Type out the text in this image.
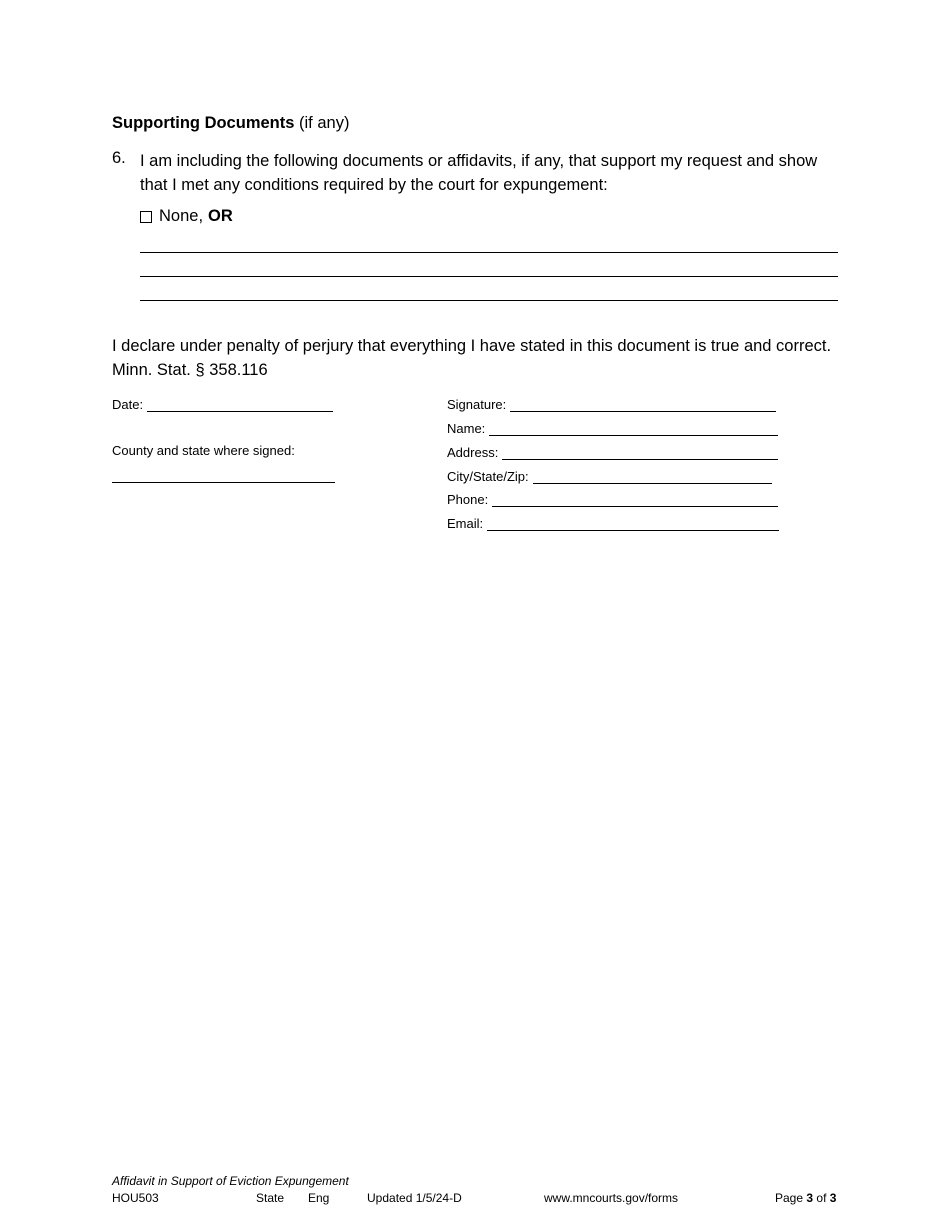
Supporting Documents (if any)
6. I am including the following documents or affidavits, if any, that support my request and show that I met any conditions required by the court for expungement:
None, OR
I declare under penalty of perjury that everything I have stated in this document is true and correct. Minn. Stat. § 358.116
Date:
County and state where signed:
Signature:
Name:
Address:
City/State/Zip:
Phone:
Email:
Affidavit in Support of Eviction Expungement
HOU503	State Eng	Updated 1/5/24-D	www.mncourts.gov/forms	Page 3 of 3
